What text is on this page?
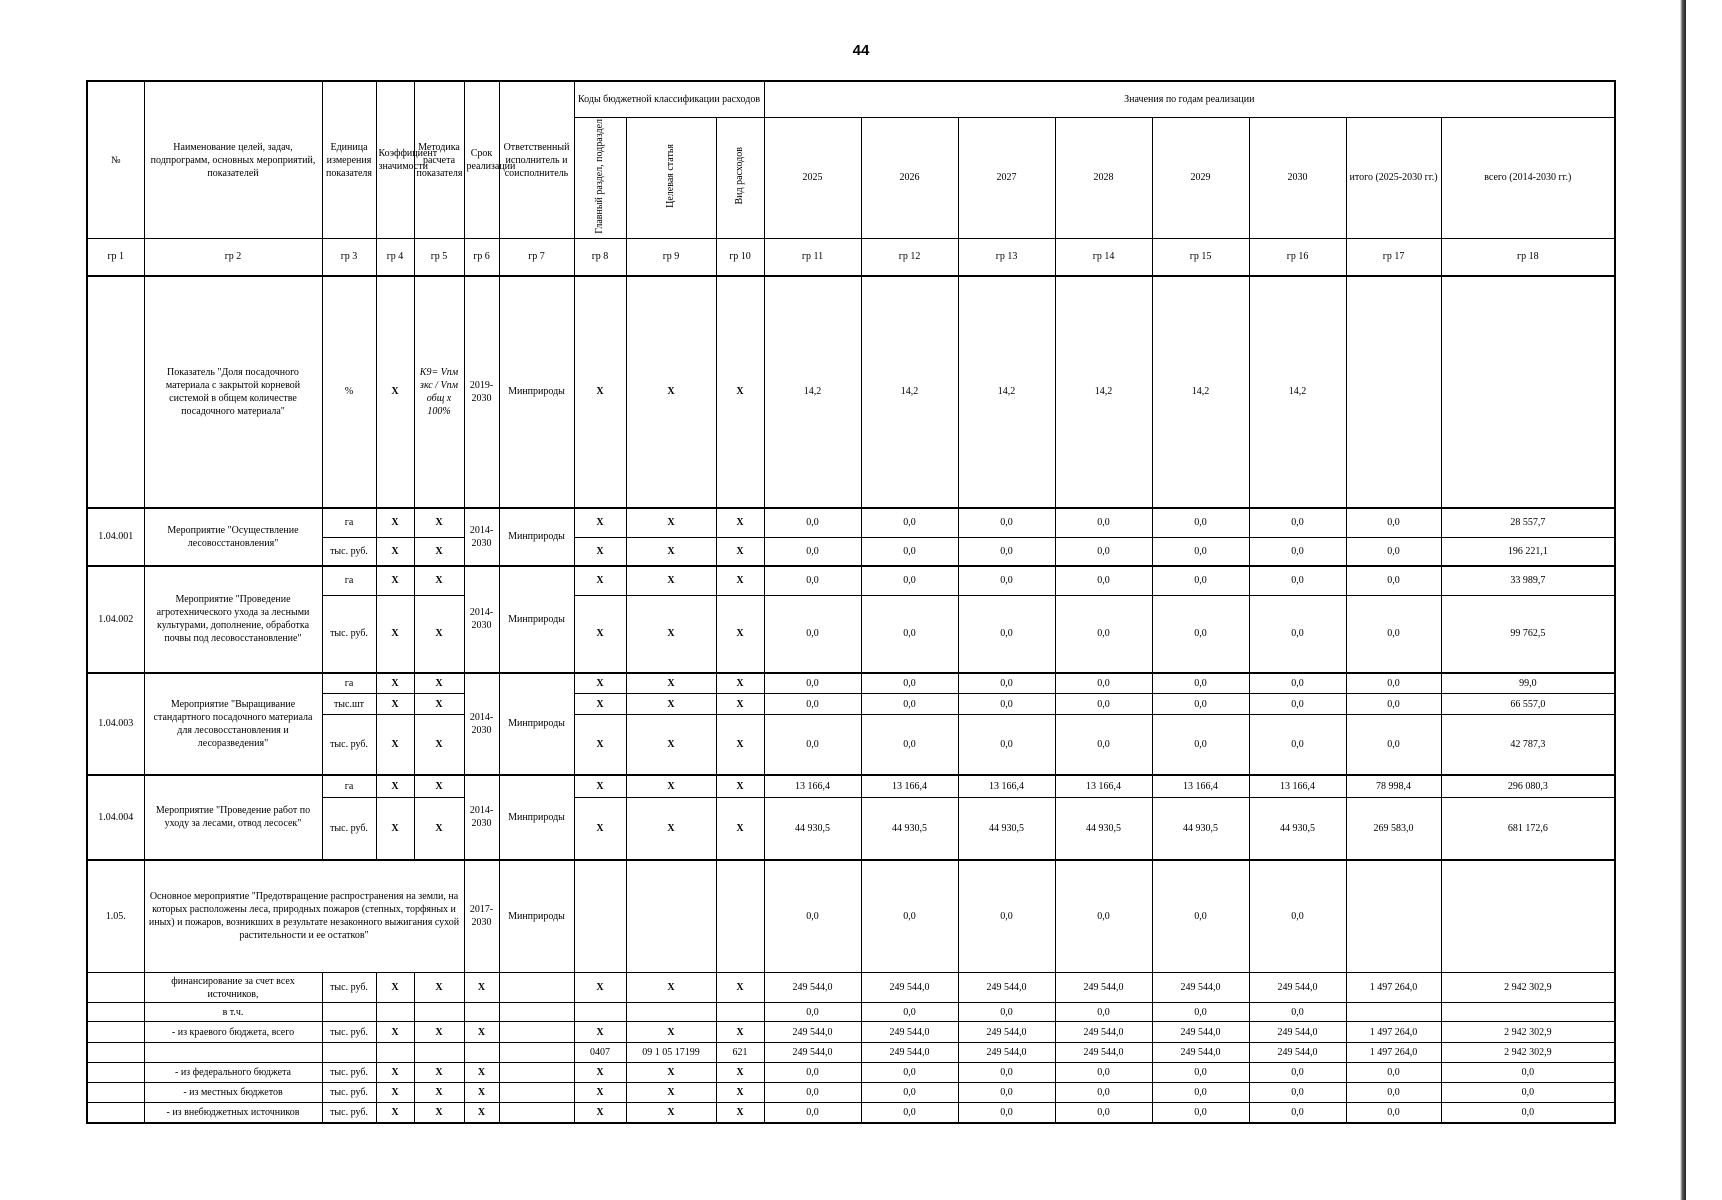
44
№	Наименование целей, задач, подпрограмм, основных мероприятий, показателей	Единица измерения показателя	Коэффициент значимости	Методика расчета показателя	Срок реализации	Ответственный исполнитель и соисполнитель	Коды бюджетной классификации расходов			Значения по годам реализации							
							Главный раздел, подраздел	Целевая статья	Вид расходов	2025	2026	2027	2028	2029	2030	итого (2025-2030 гг.)	всего (2014-2030 гг.)
гр 1	гр 2	гр 3	гр 4	гр 5	гр 6	гр 7	гр 8	гр 9	гр 10	гр 11	гр 12	гр 13	гр 14	гр 15	гр 16	гр 17	гр 18
	Показатель "Доля посадочного материала с закрытой корневой системой в общем количестве посадочного материала"	%	X	К9= Vпм зкс / Vпм общ x 100%	2019-2030	Минприроды	X	X	X	14,2	14,2	14,2	14,2	14,2	14,2		
1.04.001	Мероприятие "Осуществление лесовосстановления"	га	X	X	2014-2030	Минприроды	X	X	X	0,0	0,0	0,0	0,0	0,0	0,0	0,0	28 557,7
		тыс. руб.	X	X			X	X	X	0,0	0,0	0,0	0,0	0,0	0,0	0,0	196 221,1
1.04.002	Мероприятие "Проведение агротехнического ухода за лесными культурами, дополнение, обработка почвы под лесовосстановление"	га	X	X	2014-2030	Минприроды	X	X	X	0,0	0,0	0,0	0,0	0,0	0,0	0,0	33 989,7
		тыс. руб.	X	X			X	X	X	0,0	0,0	0,0	0,0	0,0	0,0	0,0	99 762,5
1.04.003	Мероприятие "Выращивание стандартного посадочного материала для лесовосстановления и лесоразведения"	га	X	X	2014-2030	Минприроды	X	X	X	0,0	0,0	0,0	0,0	0,0	0,0	0,0	99,0
		тыс.шт	X	X			X	X	X	0,0	0,0	0,0	0,0	0,0	0,0	0,0	66 557,0
		тыс. руб.	X	X			X	X	X	0,0	0,0	0,0	0,0	0,0	0,0	0,0	42 787,3
1.04.004	Мероприятие "Проведение работ по уходу за лесами, отвод лесосек"	га	X	X	2014-2030	Минприроды	X	X	X	13 166,4	13 166,4	13 166,4	13 166,4	13 166,4	13 166,4	78 998,4	296 080,3
		тыс. руб.	X	X			X	X	X	44 930,5	44 930,5	44 930,5	44 930,5	44 930,5	44 930,5	269 583,0	681 172,6
1.05.	Основное мероприятие "Предотвращение распространения на земли, на которых расположены леса, природных пожаров (степных, торфяных и иных) и пожаров, возникших в результате незаконного выжигания сухой растительности и ее остатков"				2017-2030	Минприроды				0,0	0,0	0,0	0,0	0,0	0,0		
	финансирование за счет всех источников,	тыс. руб.	X	X	X		X	X	X	249 544,0	249 544,0	249 544,0	249 544,0	249 544,0	249 544,0	1 497 264,0	2 942 302,9
	в т.ч.									0,0	0,0	0,0	0,0	0,0	0,0		
	- из краевого бюджета, всего	тыс. руб.	X	X	X		X	X	X	249 544,0	249 544,0	249 544,0	249 544,0	249 544,0	249 544,0	1 497 264,0	2 942 302,9
							0407	09 1 05 17199	621	249 544,0	249 544,0	249 544,0	249 544,0	249 544,0	249 544,0	1 497 264,0	2 942 302,9
	- из федерального бюджета	тыс. руб.	X	X	X		X	X	X	0,0	0,0	0,0	0,0	0,0	0,0	0,0	0,0
	- из местных бюджетов	тыс. руб.	X	X	X		X	X	X	0,0	0,0	0,0	0,0	0,0	0,0	0,0	0,0
	- из внебюджетных источников	тыс. руб.	X	X	X		X	X	X	0,0	0,0	0,0	0,0	0,0	0,0	0,0	0,0
